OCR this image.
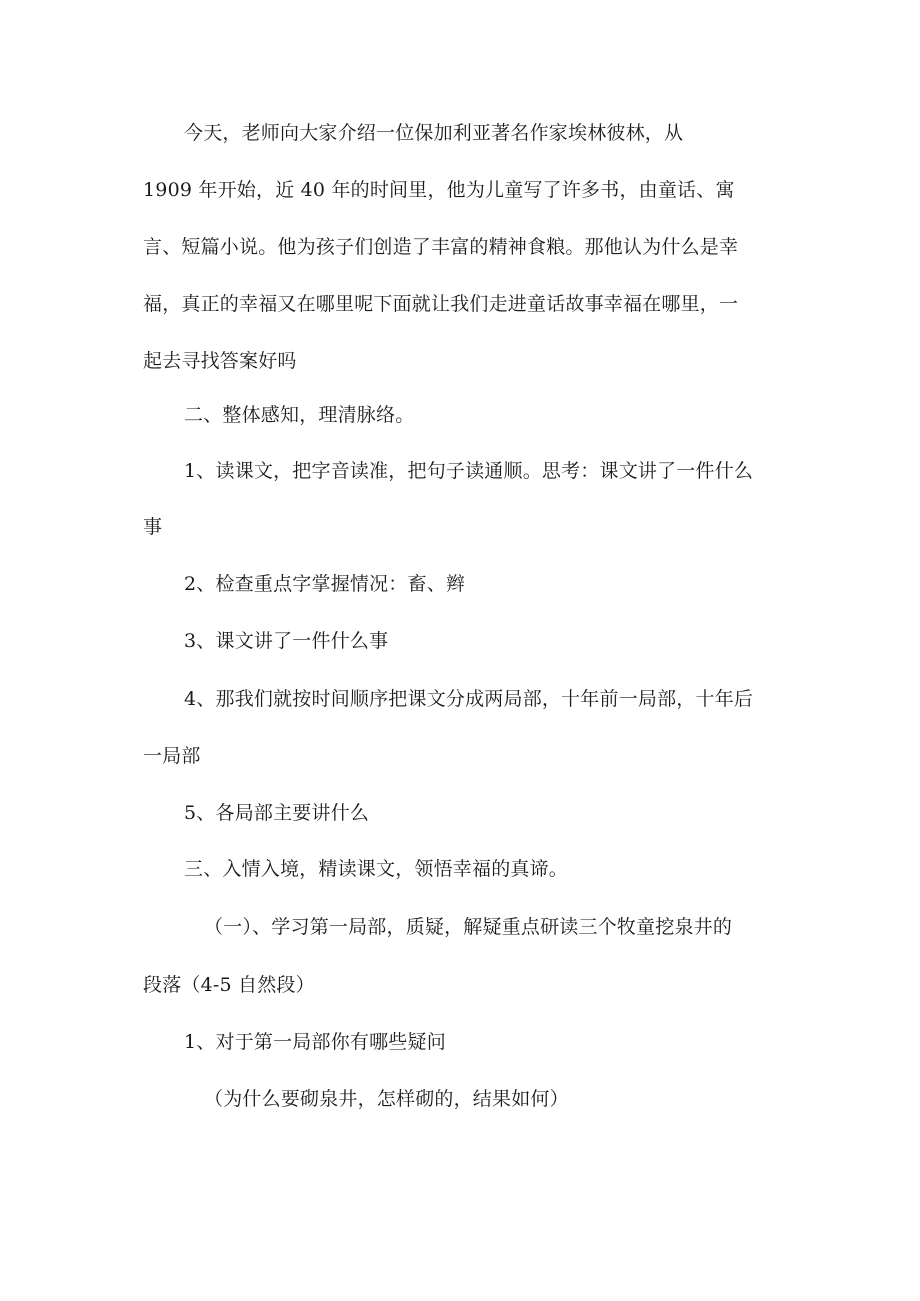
今天，老师向大家介绍一位保加利亚著名作家埃林彼林，从
1909 年开始，近 40 年的时间里，他为儿童写了许多书，由童话、寓
言、短篇小说。他为孩子们创造了丰富的精神食粮。那他认为什么是幸
福，真正的幸福又在哪里呢下面就让我们走进童话故事幸福在哪里，一
起去寻找答案好吗
二、整体感知，理清脉络。
1、读课文，把字音读准，把句子读通顺。思考：课文讲了一件什么
事
2、检查重点字掌握情况：畜、辫
3、课文讲了一件什么事
4、那我们就按时间顺序把课文分成两局部，十年前一局部，十年后
一局部
5、各局部主要讲什么
三、入情入境，精读课文，领悟幸福的真谛。
（一）、学习第一局部，质疑，解疑重点研读三个牧童挖泉井的
段落（4-5 自然段）
1、对于第一局部你有哪些疑问
（为什么要砌泉井，怎样砌的，结果如何）
